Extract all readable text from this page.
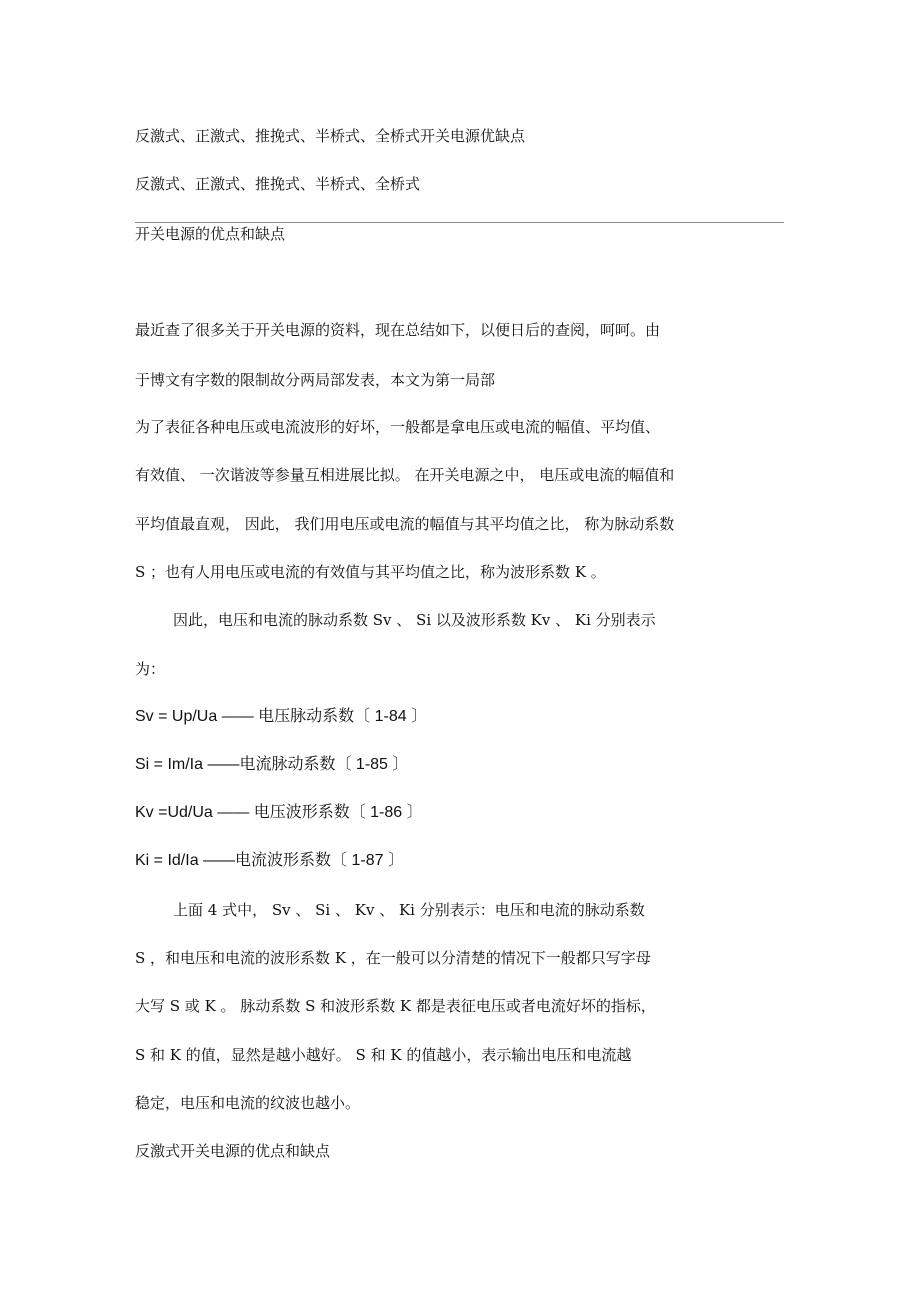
反激式、正激式、推挽式、半桥式、全桥式开关电源优缺点
反激式、正激式、推挽式、半桥式、全桥式
开关电源的优点和缺点
最近查了很多关于开关电源的资料，现在总结如下，以便日后的查阅，呵呵。由
于博文有字数的限制故分两局部发表，本文为第一局部
为了表征各种电压或电流波形的好坏，一般都是拿电压或电流的幅值、平均值、
有效值、 一次谐波等参量互相进展比拟。 在开关电源之中， 电压或电流的幅值和
平均值最直观， 因此， 我们用电压或电流的幅值与其平均值之比， 称为脉动系数
S ；也有人用电压或电流的有效值与其平均值之比，称为波形系数 K 。
因此，电压和电流的脉动系数 Sv 、 Si 以及波形系数 Kv 、 Ki 分别表示
为：
Sv = Up/Ua —— 电压脉动系数〔 1-84 〕
Si = Im/Ia ——电流脉动系数〔 1-85 〕
Kv =Ud/Ua —— 电压波形系数〔 1-86 〕
Ki = Id/Ia ——电流波形系数〔 1-87 〕
上面 4 式中， Sv 、 Si 、 Kv 、 Ki 分别表示：电压和电流的脉动系数
S ，和电压和电流的波形系数 K ，在一般可以分清楚的情况下一般都只写字母
大写 S 或 K 。 脉动系数 S 和波形系数 K 都是表征电压或者电流好坏的指标，
S 和 K 的值，显然是越小越好。 S 和 K 的值越小，表示输出电压和电流越
稳定，电压和电流的纹波也越小。
反激式开关电源的优点和缺点
